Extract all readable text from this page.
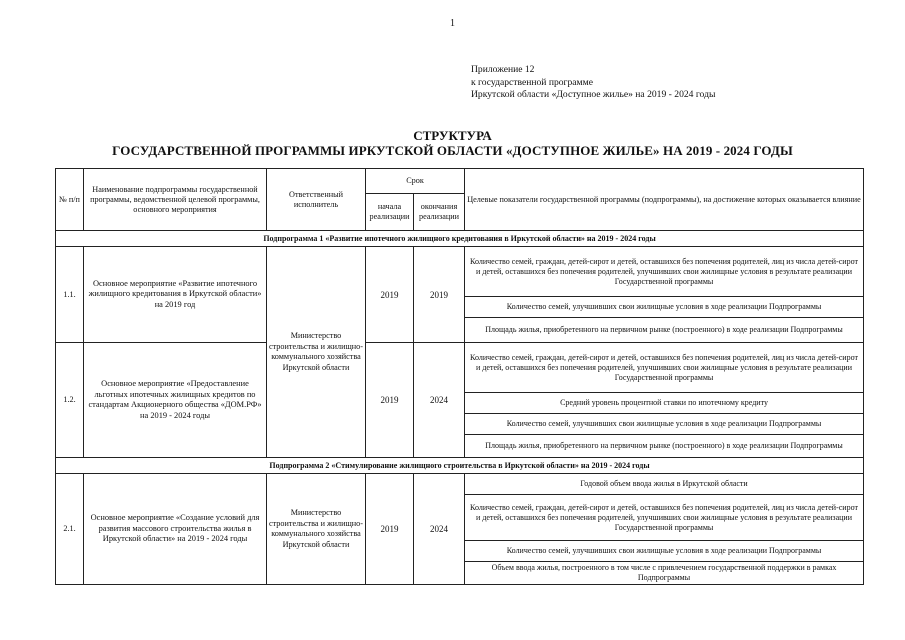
1
Приложение 12
к государственной программе
Иркутской области «Доступное жилье» на 2019 - 2024 годы
СТРУКТУРА
ГОСУДАРСТВЕННОЙ ПРОГРАММЫ ИРКУТСКОЙ ОБЛАСТИ «ДОСТУПНОЕ ЖИЛЬЕ» НА 2019 - 2024 ГОДЫ
№ п/п	Наименование подпрограммы государственной программы, ведомственной целевой программы, основного мероприятия	Ответственный исполнитель	Срок		Целевые показатели государственной программы (подпрограммы), на достижение которых оказывается влияние
			начала реализации	окончания реализации	
Подпрограмма 1 «Развитие ипотечного жилищного кредитования в Иркутской области» на 2019 - 2024 годы					
1.1.	Основное мероприятие «Развитие ипотечного жилищного кредитования в Иркутской области» на 2019 год	Министерство строительства и жилищно-коммунального хозяйства Иркутской области	2019	2019	Количество семей, граждан, детей-сирот и детей, оставшихся без попечения родителей, лиц из числа детей-сирот и детей, оставшихся без попечения родителей, улучшивших свои жилищные условия в результате реализации Государственной программы
					Количество семей, улучшивших свои жилищные условия в ходе реализации Подпрограммы
					Площадь жилья, приобретенного на первичном рынке (построенного) в ходе реализации Подпрограммы
1.2.	Основное мероприятие «Предоставление льготных ипотечных жилищных кредитов по стандартам Акционерного общества «ДОМ.РФ» на 2019 - 2024 годы		2019	2024	Количество семей, граждан, детей-сирот и детей, оставшихся без попечения родителей, лиц из числа детей-сирот и детей, оставшихся без попечения родителей, улучшивших свои жилищные условия в результате реализации Государственной программы
					Средний уровень процентной ставки по ипотечному кредиту
					Количество семей, улучшивших свои жилищные условия в ходе реализации Подпрограммы
					Площадь жилья, приобретенного на первичном рынке (построенного) в ходе реализации Подпрограммы
Подпрограмма 2 «Стимулирование жилищного строительства в Иркутской области» на 2019 - 2024 годы					
2.1.	Основное мероприятие «Создание условий для развития массового строительства жилья в Иркутской области» на 2019 - 2024 годы	Министерство строительства и жилищно-коммунального хозяйства Иркутской области	2019	2024	Годовой объем ввода жилья в Иркутской области
					Количество семей, граждан, детей-сирот и детей, оставшихся без попечения родителей, лиц из числа детей-сирот и детей, оставшихся без попечения родителей, улучшивших свои жилищные условия в результате реализации Государственной программы
					Количество семей, улучшивших свои жилищные условия в ходе реализации Подпрограммы
					Объем ввода жилья, построенного в том числе с привлечением государственной поддержки в рамках Подпрограммы
